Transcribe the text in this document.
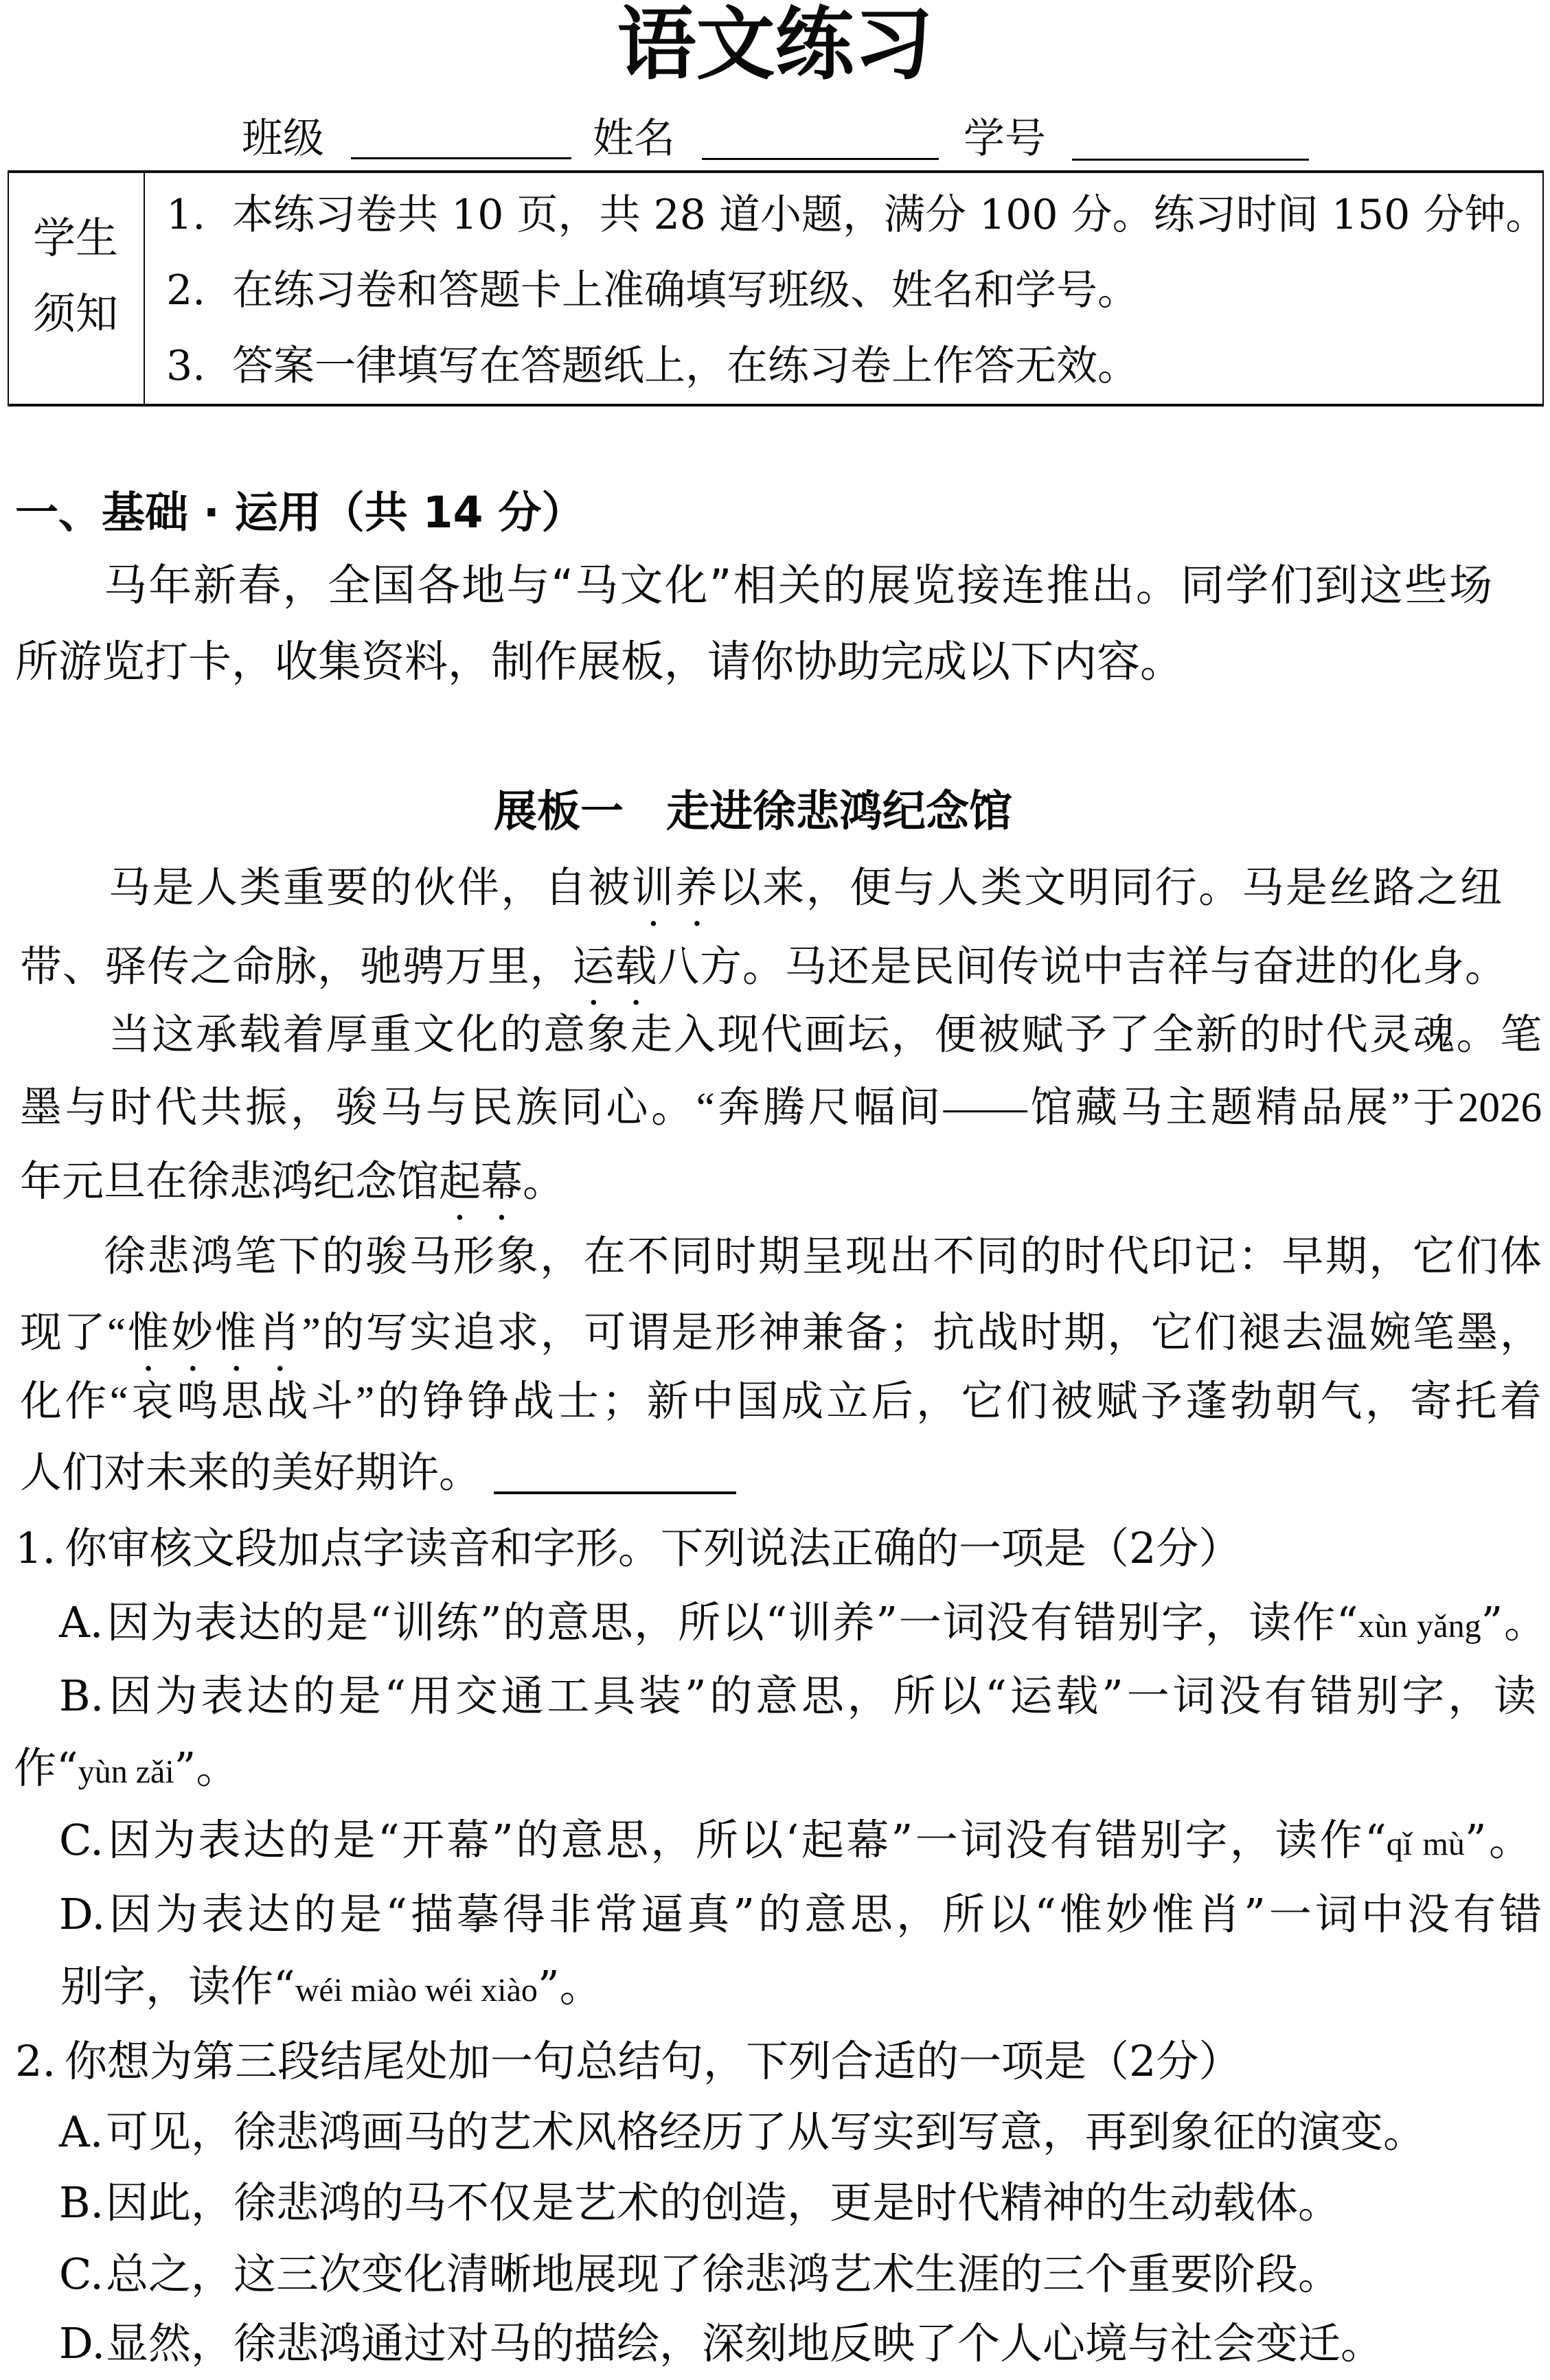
语文练习
班级	姓名	学号
学生
须知
1. 本练习卷共 10 页，共 28 道小题，满分 100 分。练习时间 150 分钟。
2. 在练习卷和答题卡上准确填写班级、姓名和学号。
3. 答案一律填写在答题纸上，在练习卷上作答无效。
一、基础 · 运用（共 14 分）
马年新春，全国各地与“马文化”相关的展览接连推出。同学们到这些场
所游览打卡，收集资料，制作展板，请你协助完成以下内容。
展板一 走进徐悲鸿纪念馆
马是人类重要的伙伴，自被训养以来，便与人类文明同行。马是丝路之纽
带、驿传之命脉，驰骋万里，运载八方。马还是民间传说中吉祥与奋进的化身。
当这承载着厚重文化的意象走入现代画坛，便被赋予了全新的时代灵魂。笔
墨与时代共振，骏马与民族同心。“奔腾尺幅间——馆藏马主题精品展”于2026
年元旦在徐悲鸿纪念馆起幕。
徐悲鸿笔下的骏马形象，在不同时期呈现出不同的时代印记：早期，它们体
现了“惟妙惟肖”的写实追求，可谓是形神兼备；抗战时期，它们褪去温婉笔墨，
化作“哀鸣思战斗”的铮铮战士；新中国成立后，它们被赋予蓬勃朝气，寄托着
人们对未来的美好期许。
1. 你审核文段加点字读音和字形。下列说法正确的一项是（2分）
A.因为表达的是“训练”的意思，所以“训养”一词没有错别字，读作“xùn yǎng”。
B.因为表达的是“用交通工具装”的意思，所以“运载”一词没有错别字，读
作“yùn zǎi”。
C.因为表达的是“开幕”的意思，所以‘起幕”一词没有错别字，读作“qǐ mù”。
D.因为表达的是“描摹得非常逼真”的意思，所以“惟妙惟肖”一词中没有错
别字，读作“wéi miào wéi xiào”。
2. 你想为第三段结尾处加一句总结句，下列合适的一项是（2分）
A.可见，徐悲鸿画马的艺术风格经历了从写实到写意，再到象征的演变。
B.因此，徐悲鸿的马不仅是艺术的创造，更是时代精神的生动载体。
C.总之，这三次变化清晰地展现了徐悲鸿艺术生涯的三个重要阶段。
D.显然，徐悲鸿通过对马的描绘，深刻地反映了个人心境与社会变迁。
